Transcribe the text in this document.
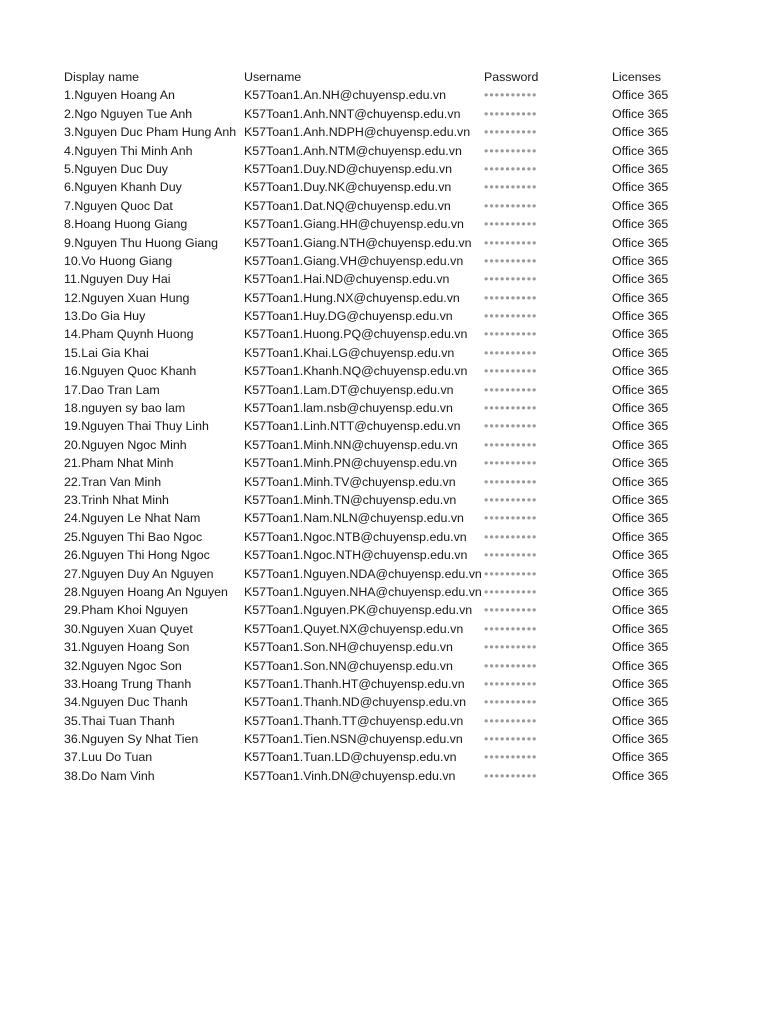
Display name	Username	Password	Licenses
1.Nguyen Hoang An	K57Toan1.An.NH@chuyensp.edu.vn	••••••••••	Office 365
2.Ngo Nguyen Tue Anh	K57Toan1.Anh.NNT@chuyensp.edu.vn	••••••••••	Office 365
3.Nguyen Duc Pham Hung Anh K57Toan1.Anh.NDPH@chuyensp.edu.vn	••••••••••	Office 365
4.Nguyen Thi Minh Anh	K57Toan1.Anh.NTM@chuyensp.edu.vn	••••••••••	Office 365
5.Nguyen Duc Duy	K57Toan1.Duy.ND@chuyensp.edu.vn	••••••••••	Office 365
6.Nguyen Khanh Duy	K57Toan1.Duy.NK@chuyensp.edu.vn	••••••••••	Office 365
7.Nguyen Quoc Dat	K57Toan1.Dat.NQ@chuyensp.edu.vn	••••••••••	Office 365
8.Hoang Huong Giang	K57Toan1.Giang.HH@chuyensp.edu.vn	••••••••••	Office 365
9.Nguyen Thu Huong Giang	K57Toan1.Giang.NTH@chuyensp.edu.vn	••••••••••	Office 365
10.Vo Huong Giang	K57Toan1.Giang.VH@chuyensp.edu.vn	••••••••••	Office 365
11.Nguyen Duy Hai	K57Toan1.Hai.ND@chuyensp.edu.vn	••••••••••	Office 365
12.Nguyen Xuan Hung	K57Toan1.Hung.NX@chuyensp.edu.vn	••••••••••	Office 365
13.Do Gia Huy	K57Toan1.Huy.DG@chuyensp.edu.vn	••••••••••	Office 365
14.Pham Quynh Huong	K57Toan1.Huong.PQ@chuyensp.edu.vn	••••••••••	Office 365
15.Lai Gia Khai	K57Toan1.Khai.LG@chuyensp.edu.vn	••••••••••	Office 365
16.Nguyen Quoc Khanh	K57Toan1.Khanh.NQ@chuyensp.edu.vn	••••••••••	Office 365
17.Dao Tran Lam	K57Toan1.Lam.DT@chuyensp.edu.vn	••••••••••	Office 365
18.nguyen sy bao lam	K57Toan1.lam.nsb@chuyensp.edu.vn	••••••••••	Office 365
19.Nguyen Thai Thuy Linh	K57Toan1.Linh.NTT@chuyensp.edu.vn	••••••••••	Office 365
20.Nguyen Ngoc Minh	K57Toan1.Minh.NN@chuyensp.edu.vn	••••••••••	Office 365
21.Pham Nhat Minh	K57Toan1.Minh.PN@chuyensp.edu.vn	••••••••••	Office 365
22.Tran Van Minh	K57Toan1.Minh.TV@chuyensp.edu.vn	••••••••••	Office 365
23.Trinh Nhat Minh	K57Toan1.Minh.TN@chuyensp.edu.vn	••••••••••	Office 365
24.Nguyen Le Nhat Nam	K57Toan1.Nam.NLN@chuyensp.edu.vn	••••••••••	Office 365
25.Nguyen Thi Bao Ngoc	K57Toan1.Ngoc.NTB@chuyensp.edu.vn	••••••••••	Office 365
26.Nguyen Thi Hong Ngoc	K57Toan1.Ngoc.NTH@chuyensp.edu.vn	••••••••••	Office 365
27.Nguyen Duy An Nguyen	K57Toan1.Nguyen.NDA@chuyensp.edu.vn ••••••••••	Office 365
28.Nguyen Hoang An Nguyen	K57Toan1.Nguyen.NHA@chuyensp.edu.vn ••••••••••	Office 365
29.Pham Khoi Nguyen	K57Toan1.Nguyen.PK@chuyensp.edu.vn ••••••••••	Office 365
30.Nguyen Xuan Quyet	K57Toan1.Quyet.NX@chuyensp.edu.vn	••••••••••	Office 365
31.Nguyen Hoang Son	K57Toan1.Son.NH@chuyensp.edu.vn	••••••••••	Office 365
32.Nguyen Ngoc Son	K57Toan1.Son.NN@chuyensp.edu.vn	••••••••••	Office 365
33.Hoang Trung Thanh	K57Toan1.Thanh.HT@chuyensp.edu.vn	••••••••••	Office 365
34.Nguyen Duc Thanh	K57Toan1.Thanh.ND@chuyensp.edu.vn	••••••••••	Office 365
35.Thai Tuan Thanh	K57Toan1.Thanh.TT@chuyensp.edu.vn	••••••••••	Office 365
36.Nguyen Sy Nhat Tien	K57Toan1.Tien.NSN@chuyensp.edu.vn	••••••••••	Office 365
37.Luu Do Tuan	K57Toan1.Tuan.LD@chuyensp.edu.vn	••••••••••	Office 365
38.Do Nam Vinh	K57Toan1.Vinh.DN@chuyensp.edu.vn	••••••••••	Office 365
